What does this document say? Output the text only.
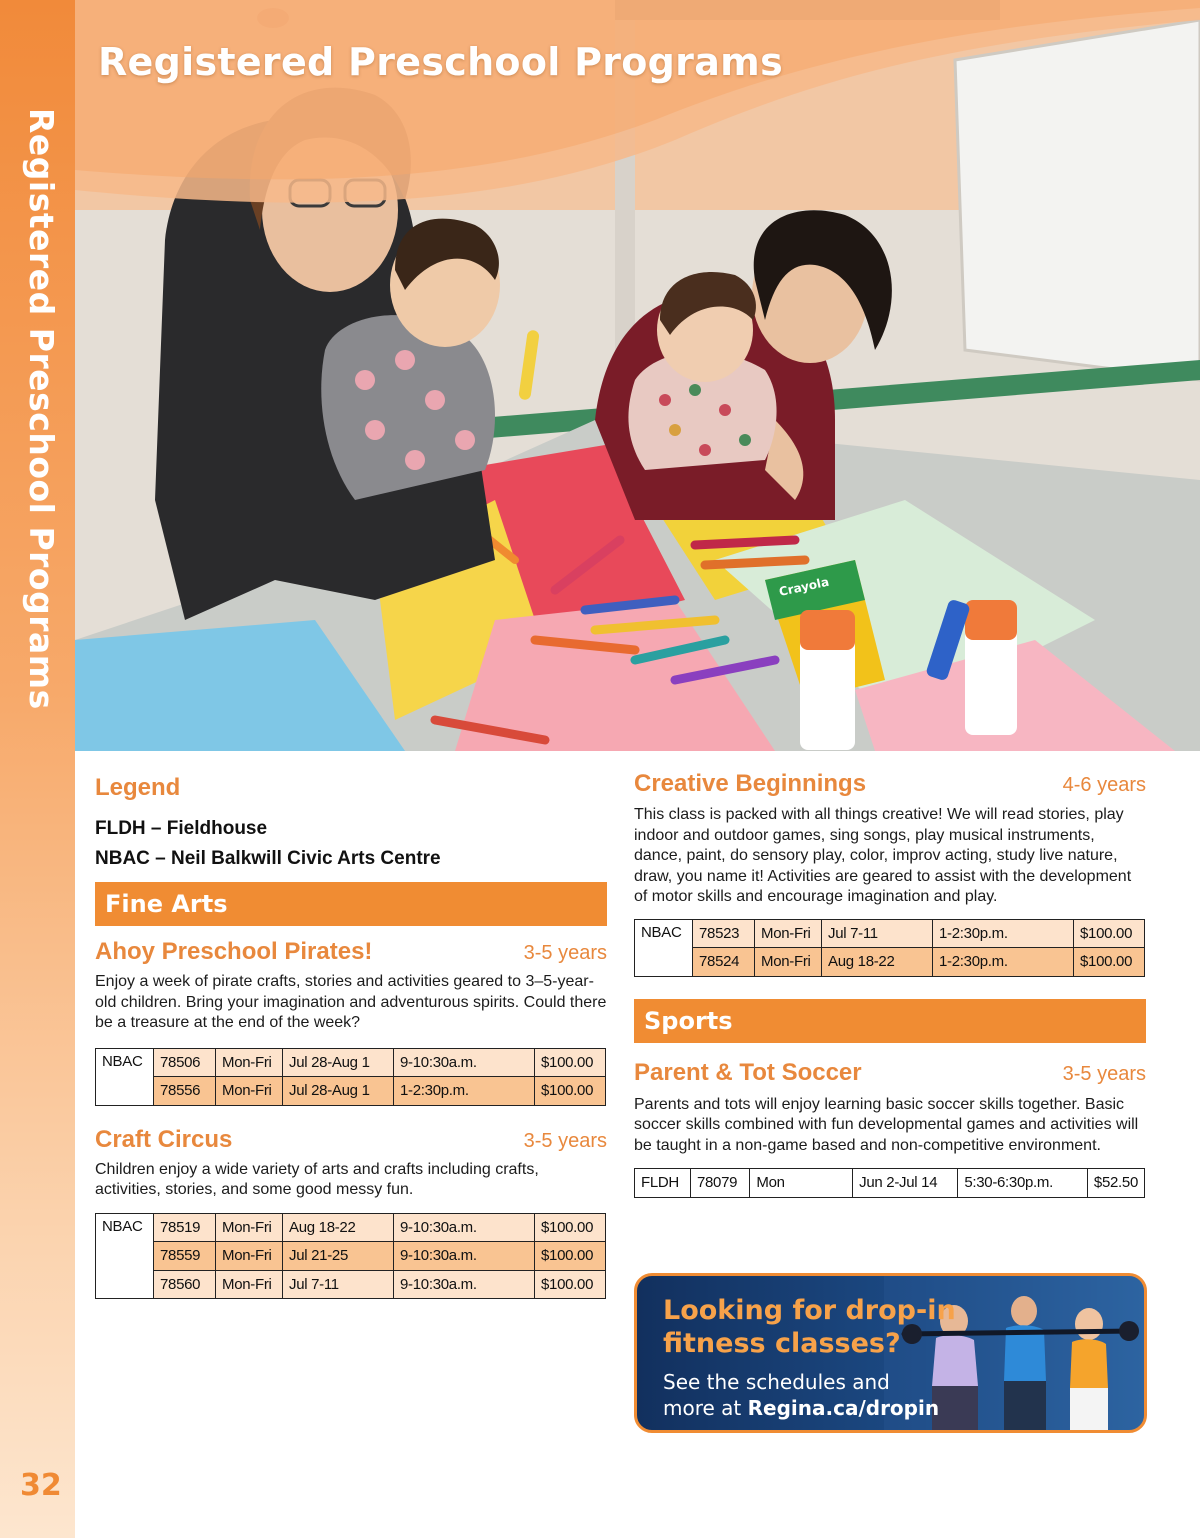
Registered Preschool Programs
32
Crayola
Registered Preschool Programs
Legend
FLDH – Fieldhouse
NBAC – Neil Balkwill Civic Arts Centre
Fine Arts
Ahoy Preschool Pirates!	3-5 years
Enjoy a week of pirate crafts, stories and activities geared to 3–5-year-old children. Bring your imagination and adventurous spirits. Could there be a treasure at the end of the week?
NBAC	78506	Mon-Fri	Jul 28-Aug 1	9-10:30a.m.	$100.00
	78556	Mon-Fri	Jul 28-Aug 1	1-2:30p.m.	$100.00
Craft Circus	3-5 years
Children enjoy a wide variety of arts and crafts including crafts, activities, stories, and some good messy fun.
NBAC	78519	Mon-Fri	Aug 18-22	9-10:30a.m.	$100.00
	78559	Mon-Fri	Jul 21-25	9-10:30a.m.	$100.00
	78560	Mon-Fri	Jul 7-11	9-10:30a.m.	$100.00
Creative Beginnings	4-6 years
This class is packed with all things creative! We will read stories, play indoor and outdoor games, sing songs, play musical instruments, dance, paint, do sensory play, color, improv acting, study live nature, draw, you name it! Activities are geared to assist with the development of motor skills and encourage imagination and play.
NBAC	78523	Mon-Fri	Jul 7-11	1-2:30p.m.	$100.00
	78524	Mon-Fri	Aug 18-22	1-2:30p.m.	$100.00
Sports
Parent & Tot Soccer	3-5 years
Parents and tots will enjoy learning basic soccer skills together. Basic soccer skills combined with fun developmental games and activities will be taught in a non-game based and non-competitive environment.
FLDH	78079	Mon	Jun 2-Jul 14	5:30-6:30p.m.	$52.50
Looking for drop-in
fitness classes?
See the schedules and
more at Regina.ca/dropin
